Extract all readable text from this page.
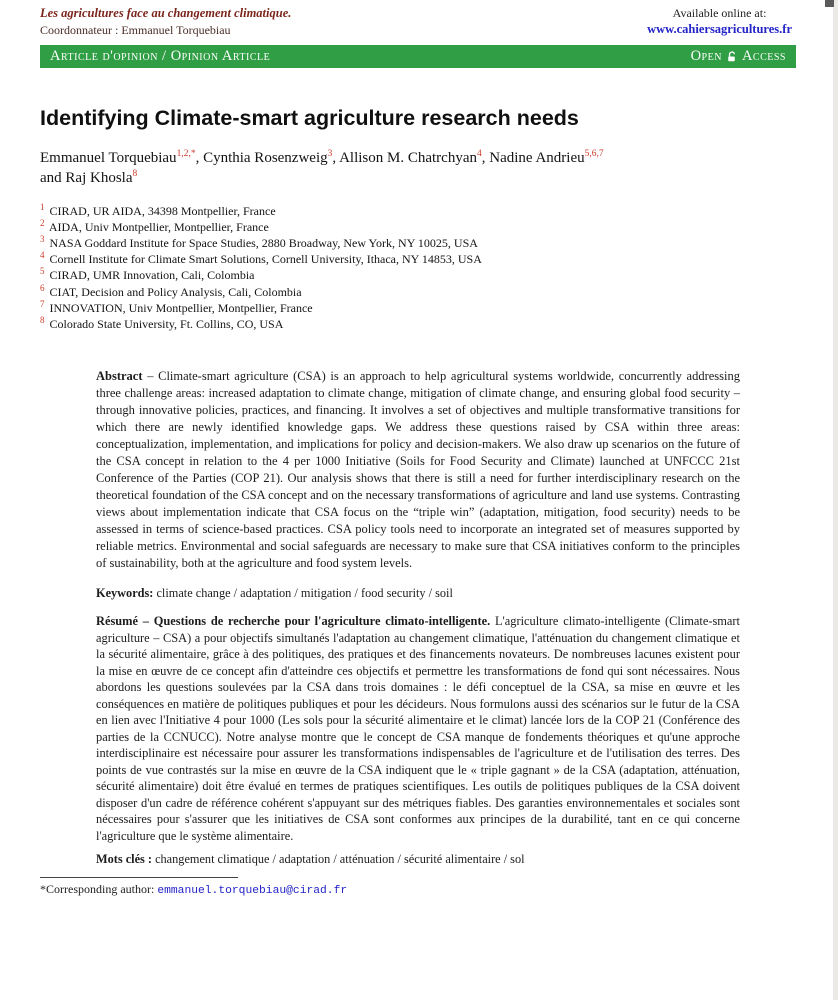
Les agricultures face au changement climatique.
Coordonnateur : Emmanuel Torquebiau
Available online at:
www.cahiersagricultures.fr
Article d'opinion / Opinion Article	Open Access
Identifying Climate-smart agriculture research needs
Emmanuel Torquebiau$^{1,2,*}$, Cynthia Rosenzweig$^3$, Allison M. Chatrchyan$^4$, Nadine Andrieu$^{5,6,7}$
and Raj Khosla$^8$
$^1$ CIRAD, UR AIDA, 34398 Montpellier, France
$^2$ AIDA, Univ Montpellier, Montpellier, France
$^3$ NASA Goddard Institute for Space Studies, 2880 Broadway, New York, NY 10025, USA
$^4$ Cornell Institute for Climate Smart Solutions, Cornell University, Ithaca, NY 14853, USA
$^5$ CIRAD, UMR Innovation, Cali, Colombia
$^6$ CIAT, Decision and Policy Analysis, Cali, Colombia
$^7$ INNOVATION, Univ Montpellier, Montpellier, France
$^8$ Colorado State University, Ft. Collins, CO, USA

Abstract – Climate-smart agriculture (CSA) is an approach to help agricultural systems worldwide, concurrently addressing three challenge areas: increased adaptation to climate change, mitigation of climate change, and ensuring global food security – through innovative policies, practices, and financing. It involves a set of objectives and multiple transformative transitions for which there are newly identified knowledge gaps. We address these questions raised by CSA within three areas: conceptualization, implementation, and implications for policy and decision-makers. We also draw up scenarios on the future of the CSA concept in relation to the 4 per 1000 Initiative (Soils for Food Security and Climate) launched at UNFCCC 21st Conference of the Parties (COP 21). Our analysis shows that there is still a need for further interdisciplinary research on the theoretical foundation of the CSA concept and on the necessary transformations of agriculture and land use systems. Contrasting views about implementation indicate that CSA focus on the “triple win” (adaptation, mitigation, food security) needs to be assessed in terms of science-based practices. CSA policy tools need to incorporate an integrated set of measures supported by reliable metrics. Environmental and social safeguards are necessary to make sure that CSA initiatives conform to the principles of sustainability, both at the agriculture and food system levels.

Keywords: climate change / adaptation / mitigation / food security / soil

Résumé – Questions de recherche pour l'agriculture climato-intelligente. L'agriculture climato-intelligente (Climate-smart agriculture – CSA) a pour objectifs simultanés l'adaptation au changement climatique, l'atténuation du changement climatique et la sécurité alimentaire, grâce à des politiques, des pratiques et des financements novateurs. De nombreuses lacunes existent pour la mise en œuvre de ce concept afin d'atteindre ces objectifs et permettre les transformations de fond qui sont nécessaires. Nous abordons les questions soulevées par la CSA dans trois domaines : le défi conceptuel de la CSA, sa mise en œuvre et les conséquences en matière de politiques publiques et pour les décideurs. Nous formulons aussi des scénarios sur le futur de la CSA en lien avec l'Initiative 4 pour 1000 (Les sols pour la sécurité alimentaire et le climat) lancée lors de la COP 21 (Conférence des parties de la CCNUCC). Notre analyse montre que le concept de CSA manque de fondements théoriques et qu'une approche interdisciplinaire est nécessaire pour assurer les transformations indispensables de l'agriculture et de l'utilisation des terres. Des points de vue contrastés sur la mise en œuvre de la CSA indiquent que le « triple gagnant » de la CSA (adaptation, atténuation, sécurité alimentaire) doit être évalué en termes de pratiques scientifiques. Les outils de politiques publiques de la CSA doivent disposer d'un cadre de référence cohérent s'appuyant sur des métriques fiables. Des garanties environnementales et sociales sont nécessaires pour s'assurer que les initiatives de CSA sont conformes aux principes de la durabilité, tant en ce qui concerne l'agriculture que le système alimentaire.

Mots clés : changement climatique / adaptation / atténuation / sécurité alimentaire / sol

*Corresponding author: emmanuel.torquebiau@cirad.fr
